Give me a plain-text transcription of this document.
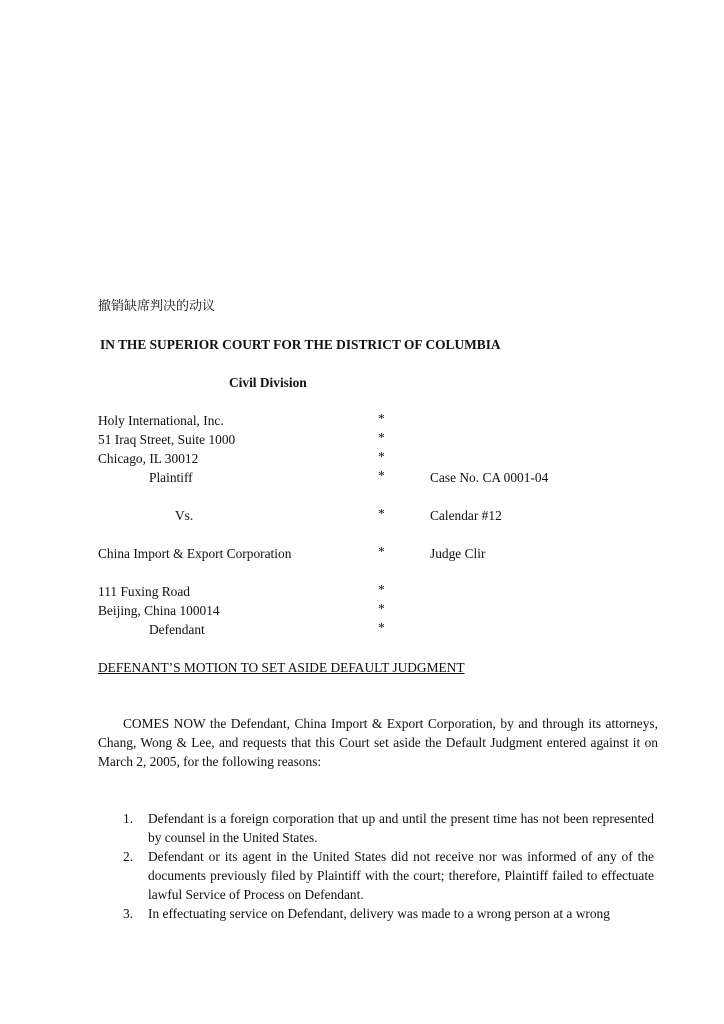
撤销缺席判决的动议
IN THE SUPERIOR COURT FOR THE DISTRICT OF COLUMBIA
Civil Division
Holy International, Inc.
51 Iraq Street, Suite 1000
Chicago, IL 30012
Plaintiff
Vs.
China Import & Export Corporation
111 Fuxing Road
Beijing, China 100014
Defendant
*
*
*
*
*
*
*
*
*
Case No. CA 0001-04
Calendar #12
Judge Clir
DEFENANT’S MOTION TO SET ASIDE DEFAULT JUDGMENT
COMES NOW the Defendant, China Import & Export Corporation, by and through its attorneys, Chang, Wong & Lee, and requests that this Court set aside the Default Judgment entered against it on March 2, 2005, for the following reasons:
1. Defendant is a foreign corporation that up and until the present time has not been represented by counsel in the United States.
2. Defendant or its agent in the United States did not receive nor was informed of any of the documents previously filed by Plaintiff with the court; therefore, Plaintiff failed to effectuate lawful Service of Process on Defendant.
3. In effectuating service on Defendant, delivery was made to a wrong person at a wrong
